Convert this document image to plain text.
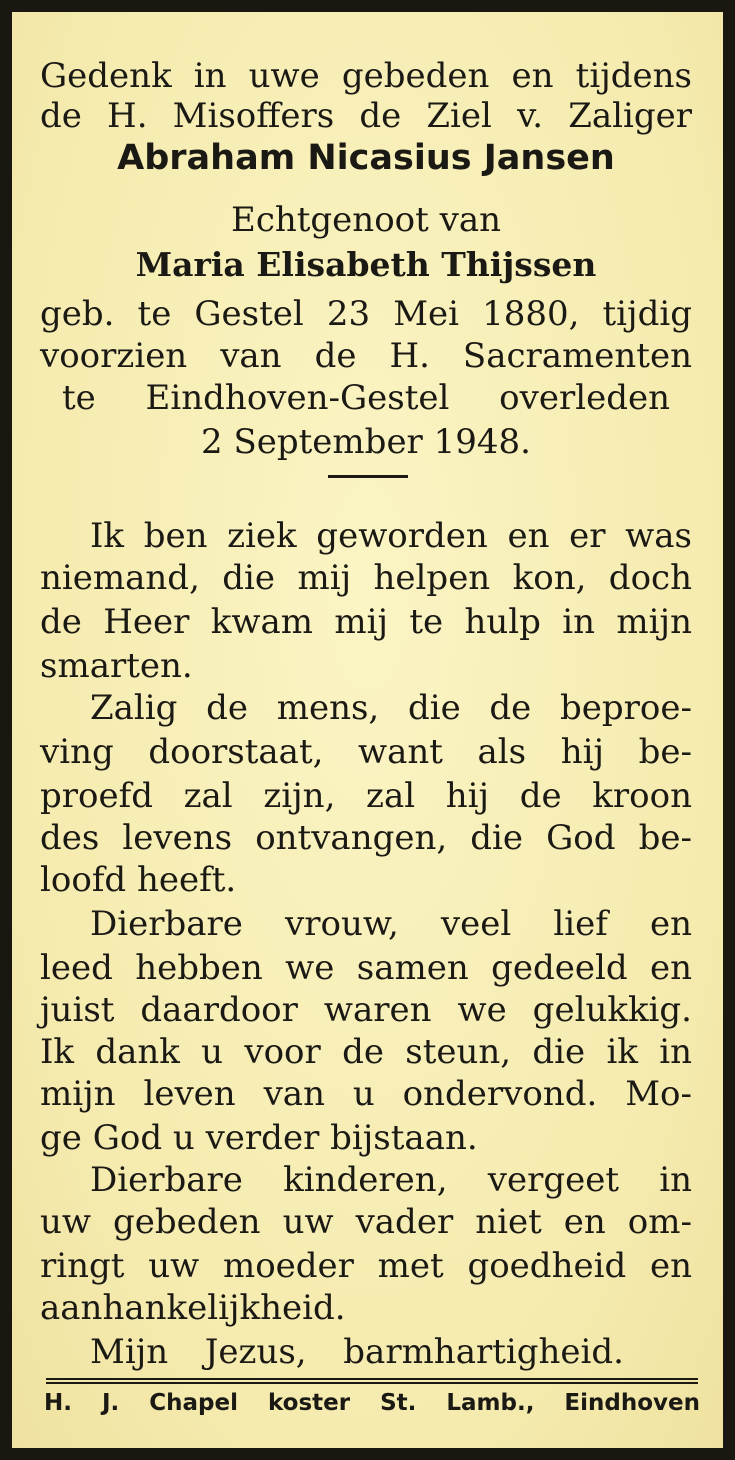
Gedenk in uwe gebeden en tijdens
de H. Misoffers de Ziel v. Zaliger
Abraham Nicasius Jansen
Echtgenoot van
Maria Elisabeth Thijssen
geb. te Gestel 23 Mei 1880, tijdig
voorzien van de H. Sacramenten
te Eindhoven-Gestel overleden
2 September 1948.
Ik ben ziek geworden en er was
niemand, die mij helpen kon, doch
de Heer kwam mij te hulp in mijn
smarten.
Zalig de mens, die de beproe-
ving doorstaat, want als hij be-
proefd zal zijn, zal hij de kroon
des levens ontvangen, die God be-
loofd heeft.
Dierbare vrouw, veel lief en
leed hebben we samen gedeeld en
juist daardoor waren we gelukkig.
Ik dank u voor de steun, die ik in
mijn leven van u ondervond. Mo-
ge God u verder bijstaan.
Dierbare kinderen, vergeet in
uw gebeden uw vader niet en om-
ringt uw moeder met goedheid en
aanhankelijkheid.
Mijn Jezus, barmhartigheid.
H. J. Chapel koster St. Lamb., Eindhoven
